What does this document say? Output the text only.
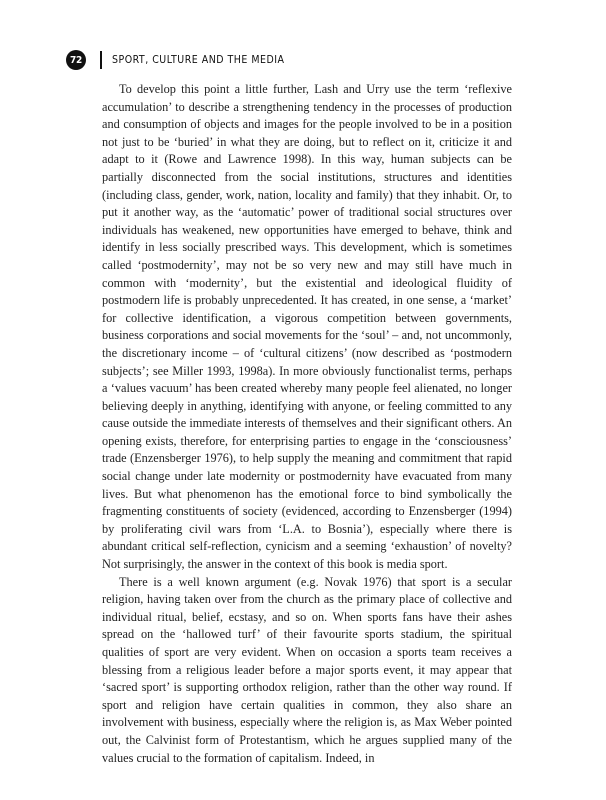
72	SPORT, CULTURE AND THE MEDIA

To develop this point a little further, Lash and Urry use the term ‘reflexive accumulation’ to describe a strengthening tendency in the processes of production and consumption of objects and images for the people involved to be in a position not just to be ‘buried’ in what they are doing, but to reflect on it, criticize it and adapt to it (Rowe and Lawrence 1998). In this way, human subjects can be partially disconnected from the social institutions, structures and identities (including class, gender, work, nation, locality and family) that they inhabit. Or, to put it another way, as the ‘automatic’ power of traditional social structures over individuals has weakened, new opportunities have emerged to behave, think and identify in less socially prescribed ways. This development, which is sometimes called ‘postmodernity’, may not be so very new and may still have much in common with ‘modernity’, but the existential and ideological fluidity of postmodern life is probably unprecedented. It has created, in one sense, a ‘market’ for collective identification, a vigorous competition between governments, business corporations and social movements for the ‘soul’ – and, not uncommonly, the discretionary income – of ‘cultural citizens’ (now described as ‘postmodern subjects’; see Miller 1993, 1998a). In more obviously functionalist terms, perhaps a ‘values vacuum’ has been created whereby many people feel alienated, no longer believing deeply in anything, identifying with anyone, or feeling committed to any cause outside the immediate interests of themselves and their significant others. An opening exists, therefore, for enterprising parties to engage in the ‘consciousness’ trade (Enzensberger 1976), to help supply the meaning and commitment that rapid social change under late modernity or postmodernity have evacuated from many lives. But what phenomenon has the emotional force to bind symbolically the fragmenting constituents of society (evidenced, according to Enzensberger (1994) by proliferating civil wars from ‘L.A. to Bosnia’), especially where there is abundant critical self-reflection, cynicism and a seeming ‘exhaustion’ of novelty? Not surprisingly, the answer in the context of this book is media sport.

There is a well known argument (e.g. Novak 1976) that sport is a secular religion, having taken over from the church as the primary place of collective and individual ritual, belief, ecstasy, and so on. When sports fans have their ashes spread on the ‘hallowed turf’ of their favourite sports stadium, the spiritual qualities of sport are very evident. When on occasion a sports team receives a blessing from a religious leader before a major sports event, it may appear that ‘sacred sport’ is supporting orthodox religion, rather than the other way round. If sport and religion have certain qualities in common, they also share an involvement with business, especially where the religion is, as Max Weber pointed out, the Calvinist form of Protestantism, which he argues supplied many of the values crucial to the formation of capitalism. Indeed, in
